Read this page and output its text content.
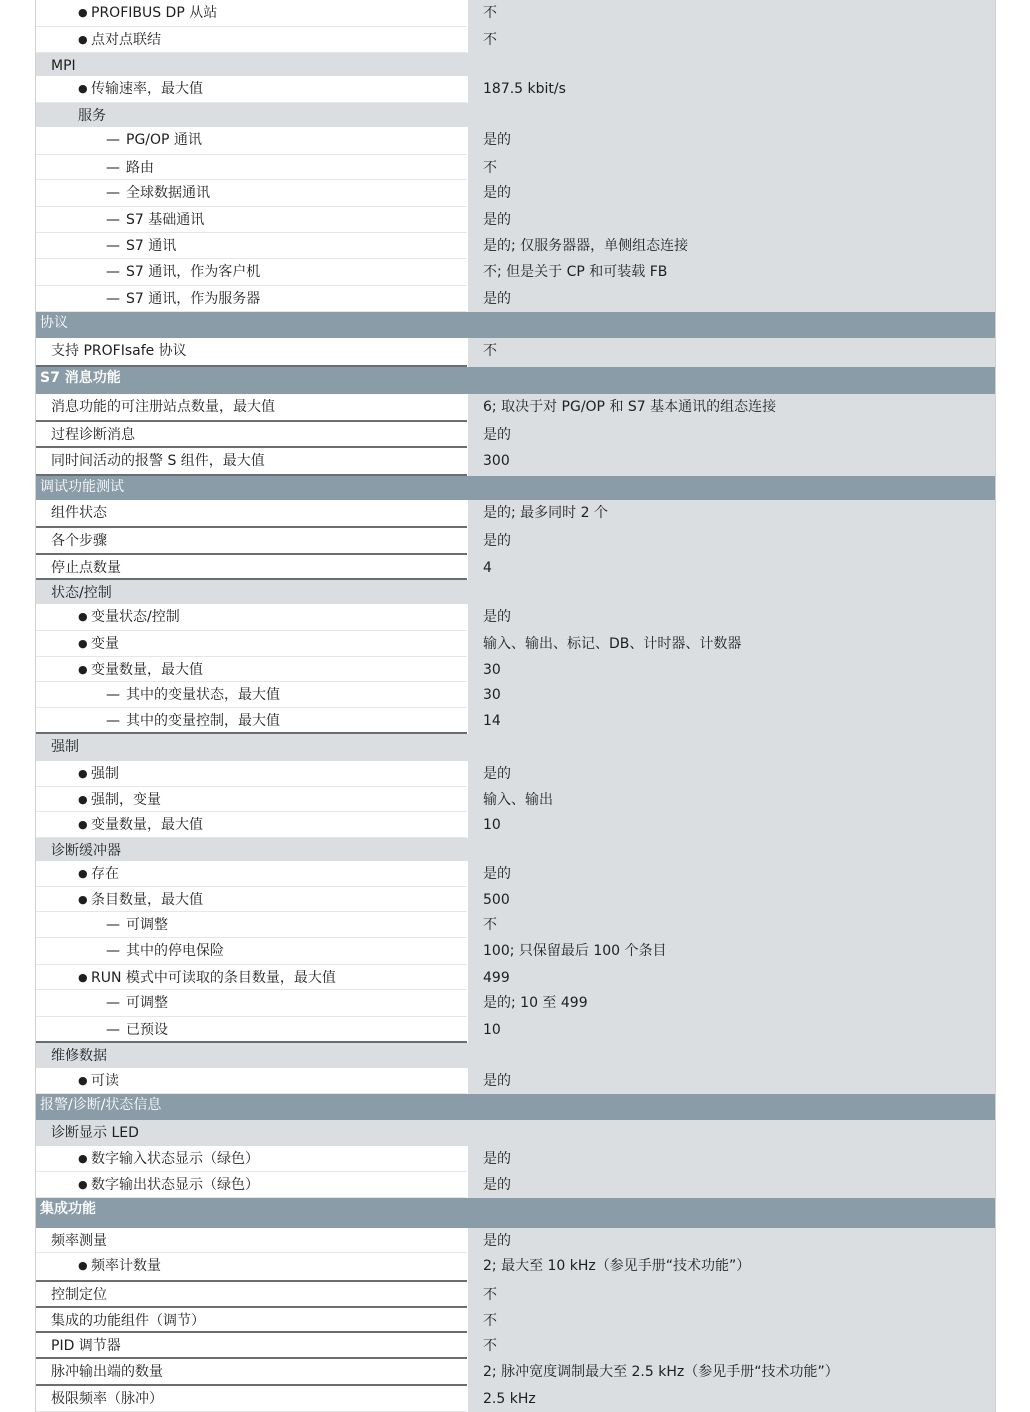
● PROFIBUS DP 从站	不
● 点对点联结	不
MPI
● 传输速率，最大值	187.5 kbit/s
服务
— PG/OP 通讯	是的
— 路由	不
— 全球数据通讯	是的
— S7 基础通讯	是的
— S7 通讯	是的; 仅服务器器，单侧组态连接
— S7 通讯，作为客户机	不; 但是关于 CP 和可装载 FB
— S7 通讯，作为服务器	是的
协议
支持 PROFIsafe 协议	不
S7 消息功能
消息功能的可注册站点数量，最大值	6; 取决于对 PG/OP 和 S7 基本通讯的组态连接
过程诊断消息	是的
同时间活动的报警 S 组件，最大值	300
调试功能测试
组件状态	是的; 最多同时 2 个
各个步骤	是的
停止点数量	4
状态/控制
● 变量状态/控制	是的
● 变量	输入、输出、标记、DB、计时器、计数器
● 变量数量，最大值	30
— 其中的变量状态，最大值	30
— 其中的变量控制，最大值	14
强制
● 强制	是的
● 强制，变量	输入、输出
● 变量数量，最大值	10
诊断缓冲器
● 存在	是的
● 条目数量，最大值	500
— 可调整	不
— 其中的停电保险	100; 只保留最后 100 个条目
● RUN 模式中可读取的条目数量，最大值	499
— 可调整	是的; 10 至 499
— 已预设	10
维修数据
● 可读	是的
报警/诊断/状态信息
诊断显示 LED
● 数字输入状态显示（绿色）	是的
● 数字输出状态显示（绿色）	是的
集成功能
频率测量	是的
● 频率计数量	2; 最大至 10 kHz（参见手册“技术功能”）
控制定位	不
集成的功能组件（调节）	不
PID 调节器	不
脉冲输出端的数量	2; 脉冲宽度调制最大至 2.5 kHz（参见手册“技术功能”）
极限频率（脉冲）	2.5 kHz
